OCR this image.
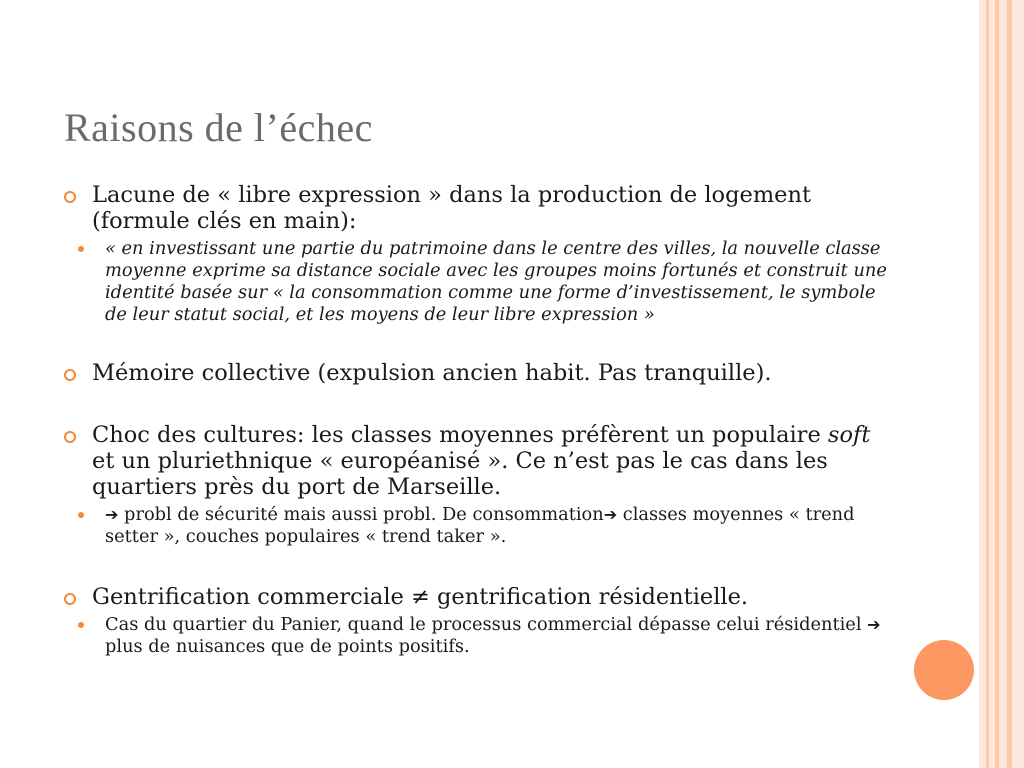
Raisons de l’échec
Lacune de « libre expression » dans la production de logement (formule clés en main):
« en investissant une partie du patrimoine dans le centre des villes, la nouvelle classe moyenne exprime sa distance sociale avec les groupes moins fortunés et construit une identité basée sur « la consommation comme une forme d’investissement, le symbole de leur statut social, et les moyens de leur libre expression »
Mémoire collective (expulsion ancien habit. Pas tranquille).
Choc des cultures: les classes moyennes préfèrent un populaire soft et un pluriethnique « européanisé ». Ce n’est pas le cas dans les quartiers près du port de Marseille.
➔ probl de sécurité mais aussi probl. De consommation➔ classes moyennes « trend setter », couches populaires « trend taker ».
Gentrification commerciale ≠ gentrification résidentielle.
Cas du quartier du Panier, quand le processus commercial dépasse celui résidentiel ➔ plus de nuisances que de points positifs.
